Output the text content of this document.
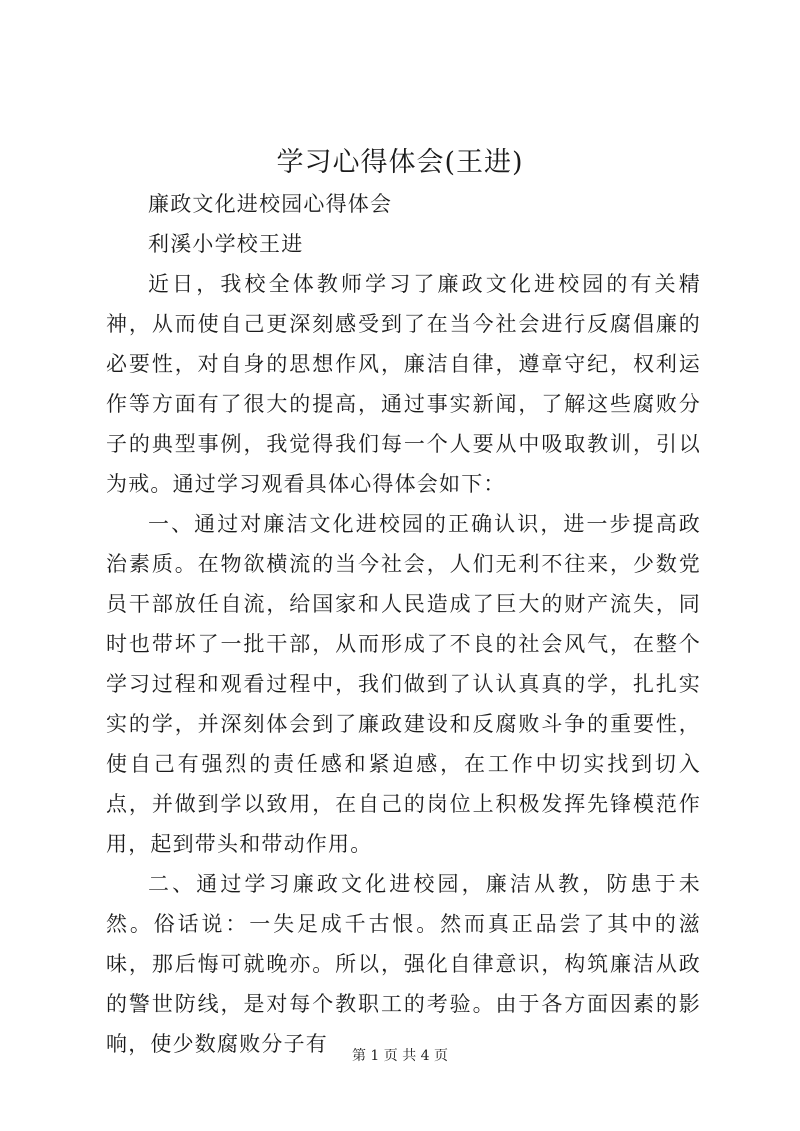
学习心得体会(王进)

廉政文化进校园心得体会

利溪小学校王进

近日，我校全体教师学习了廉政文化进校园的有关精神，从而使自己更深刻感受到了在当今社会进行反腐倡廉的必要性，对自身的思想作风，廉洁自律，遵章守纪，权利运作等方面有了很大的提高，通过事实新闻，了解这些腐败分子的典型事例，我觉得我们每一个人要从中吸取教训，引以为戒。通过学习观看具体心得体会如下：

一、通过对廉洁文化进校园的正确认识，进一步提高政治素质。在物欲横流的当今社会，人们无利不往来，少数党员干部放任自流，给国家和人民造成了巨大的财产流失，同时也带坏了一批干部，从而形成了不良的社会风气，在整个学习过程和观看过程中，我们做到了认认真真的学，扎扎实实的学，并深刻体会到了廉政建设和反腐败斗争的重要性，使自己有强烈的责任感和紧迫感，在工作中切实找到切入点，并做到学以致用，在自己的岗位上积极发挥先锋模范作用，起到带头和带动作用。

二、通过学习廉政文化进校园，廉洁从教，防患于未然。俗话说：一失足成千古恨。然而真正品尝了其中的滋味，那后悔可就晚亦。所以，强化自律意识，构筑廉洁从政的警世防线，是对每个教职工的考验。由于各方面因素的影响，使少数腐败分子有	第 1 页 共 4 页
